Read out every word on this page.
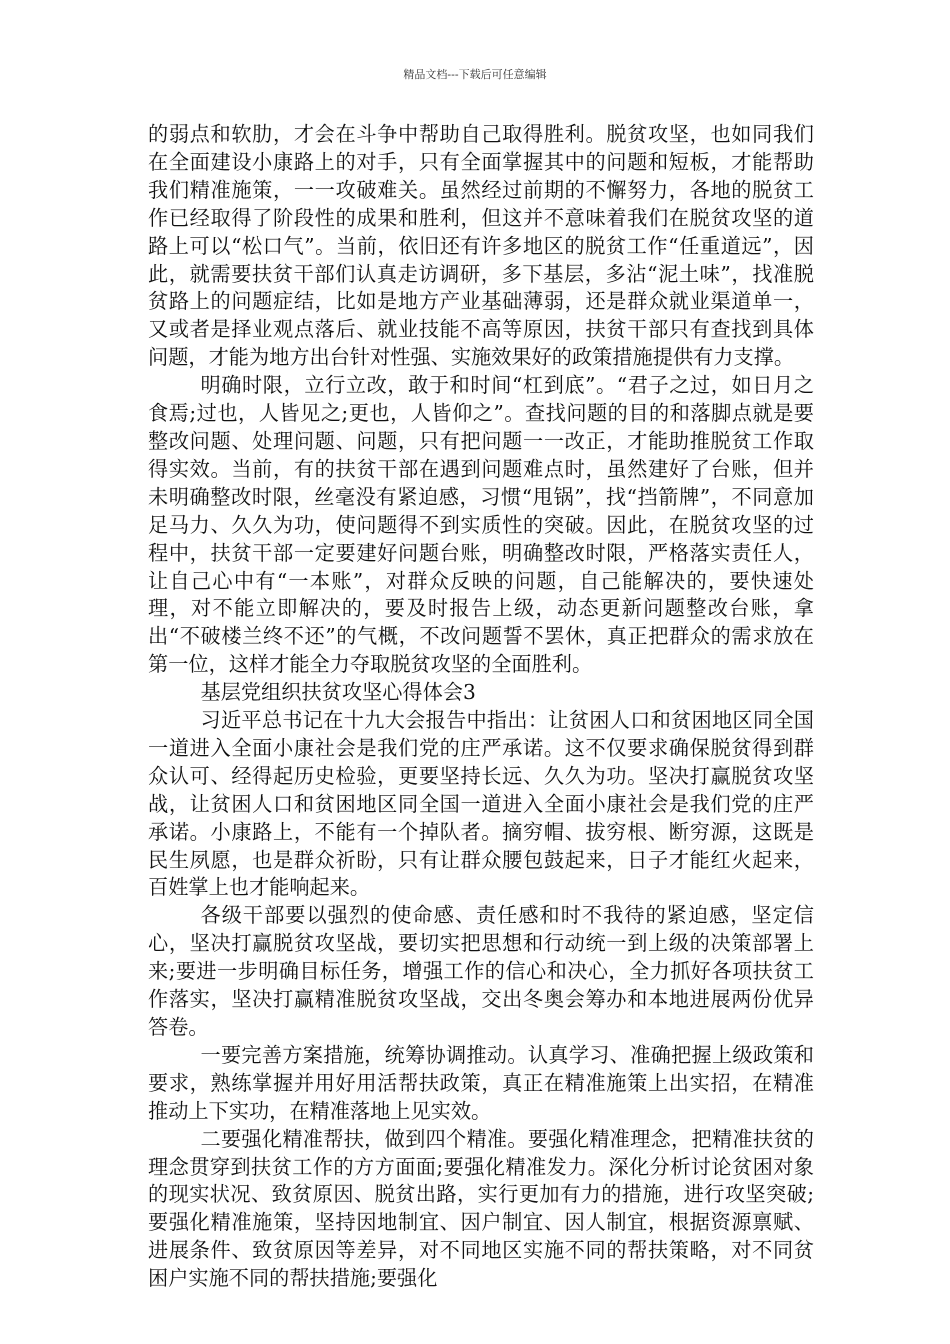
精品文档---下载后可任意编辑

的弱点和软肋，才会在斗争中帮助自己取得胜利。脱贫攻坚，也如同我们在全面建设小康路上的对手，只有全面掌握其中的问题和短板，才能帮助我们精准施策，一一攻破难关。虽然经过前期的不懈努力，各地的脱贫工作已经取得了阶段性的成果和胜利，但这并不意味着我们在脱贫攻坚的道路上可以“松口气”。当前，依旧还有许多地区的脱贫工作“任重道远”，因此，就需要扶贫干部们认真走访调研，多下基层，多沾“泥土味”，找准脱贫路上的问题症结，比如是地方产业基础薄弱，还是群众就业渠道单一，又或者是择业观点落后、就业技能不高等原因，扶贫干部只有查找到具体问题，才能为地方出台针对性强、实施效果好的政策措施提供有力支撑。

明确时限，立行立改，敢于和时间“杠到底”。“君子之过，如日月之食焉;过也，人皆见之;更也，人皆仰之”。查找问题的目的和落脚点就是要整改问题、处理问题、问题，只有把问题一一改正，才能助推脱贫工作取得实效。当前，有的扶贫干部在遇到问题难点时，虽然建好了台账，但并未明确整改时限，丝毫没有紧迫感，习惯“甩锅”，找“挡箭牌”，不同意加足马力、久久为功，使问题得不到实质性的突破。因此，在脱贫攻坚的过程中，扶贫干部一定要建好问题台账，明确整改时限，严格落实责任人，让自己心中有“一本账”，对群众反映的问题，自己能解决的，要快速处理，对不能立即解决的，要及时报告上级，动态更新问题整改台账，拿出“不破楼兰终不还”的气概，不改问题誓不罢休，真正把群众的需求放在第一位，这样才能全力夺取脱贫攻坚的全面胜利。

基层党组织扶贫攻坚心得体会3

习近平总书记在十九大会报告中指出：让贫困人口和贫困地区同全国一道进入全面小康社会是我们党的庄严承诺。这不仅要求确保脱贫得到群众认可、经得起历史检验，更要坚持长远、久久为功。坚决打赢脱贫攻坚战，让贫困人口和贫困地区同全国一道进入全面小康社会是我们党的庄严承诺。小康路上，不能有一个掉队者。摘穷帽、拔穷根、断穷源，这既是民生夙愿，也是群众祈盼，只有让群众腰包鼓起来，日子才能红火起来，百姓掌上也才能响起来。

各级干部要以强烈的使命感、责任感和时不我待的紧迫感，坚定信心，坚决打赢脱贫攻坚战，要切实把思想和行动统一到上级的决策部署上来;要进一步明确目标任务，增强工作的信心和决心，全力抓好各项扶贫工作落实，坚决打赢精准脱贫攻坚战，交出冬奥会筹办和本地进展两份优异答卷。

一要完善方案措施，统筹协调推动。认真学习、准确把握上级政策和要求，熟练掌握并用好用活帮扶政策，真正在精准施策上出实招，在精准推动上下实功，在精准落地上见实效。

二要强化精准帮扶，做到四个精准。要强化精准理念，把精准扶贫的理念贯穿到扶贫工作的方方面面;要强化精准发力。深化分析讨论贫困对象的现实状况、致贫原因、脱贫出路，实行更加有力的措施，进行攻坚突破;要强化精准施策，坚持因地制宜、因户制宜、因人制宜，根据资源禀赋、进展条件、致贫原因等差异，对不同地区实施不同的帮扶策略，对不同贫困户实施不同的帮扶措施;要强化
